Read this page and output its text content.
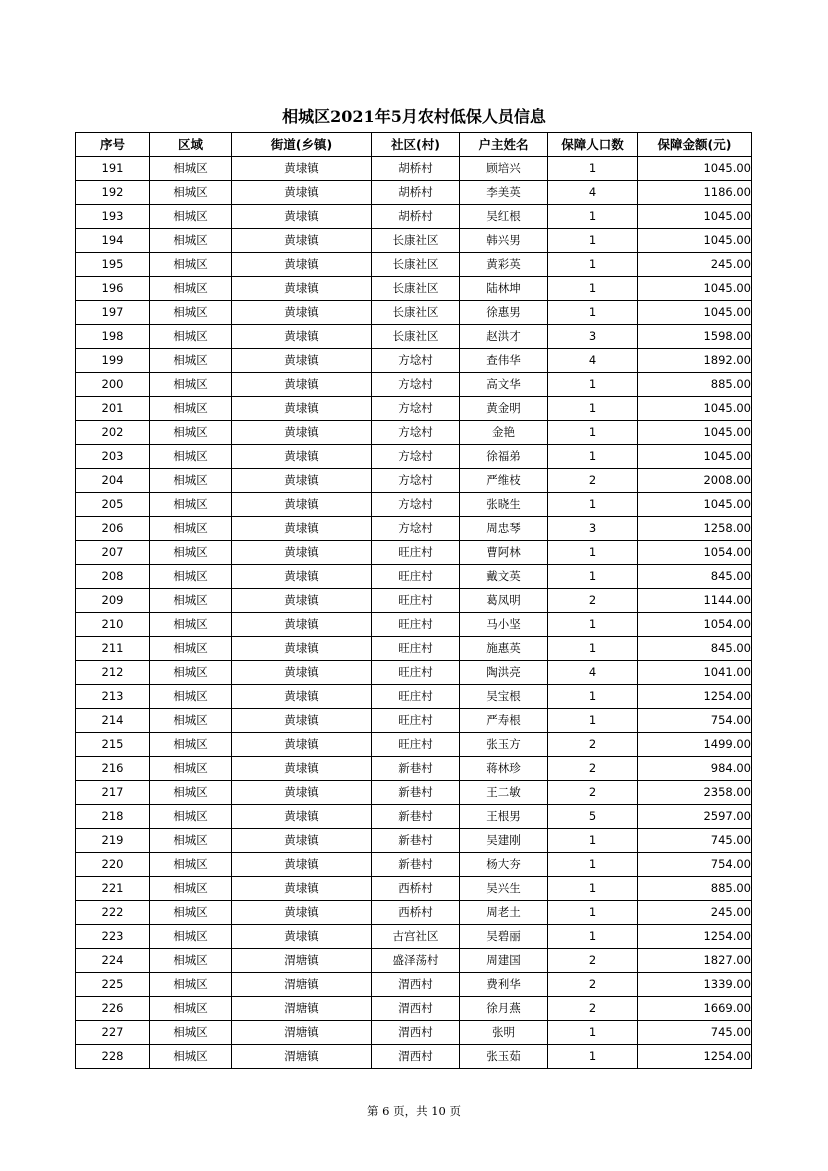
相城区2021年5月农村低保人员信息
序号	区域	街道(乡镇)	社区(村)	户主姓名	保障人口数	保障金额(元)
191	相城区	黄埭镇	胡桥村	顾培兴	1	1045.00
192	相城区	黄埭镇	胡桥村	李美英	4	1186.00
193	相城区	黄埭镇	胡桥村	吴红根	1	1045.00
194	相城区	黄埭镇	长康社区	韩兴男	1	1045.00
195	相城区	黄埭镇	长康社区	黄彩英	1	245.00
196	相城区	黄埭镇	长康社区	陆林坤	1	1045.00
197	相城区	黄埭镇	长康社区	徐惠男	1	1045.00
198	相城区	黄埭镇	长康社区	赵洪才	3	1598.00
199	相城区	黄埭镇	方埝村	查伟华	4	1892.00
200	相城区	黄埭镇	方埝村	高文华	1	885.00
201	相城区	黄埭镇	方埝村	黄金明	1	1045.00
202	相城区	黄埭镇	方埝村	金艳	1	1045.00
203	相城区	黄埭镇	方埝村	徐福弟	1	1045.00
204	相城区	黄埭镇	方埝村	严维枝	2	2008.00
205	相城区	黄埭镇	方埝村	张晓生	1	1045.00
206	相城区	黄埭镇	方埝村	周忠琴	3	1258.00
207	相城区	黄埭镇	旺庄村	曹阿林	1	1054.00
208	相城区	黄埭镇	旺庄村	戴文英	1	845.00
209	相城区	黄埭镇	旺庄村	葛凤明	2	1144.00
210	相城区	黄埭镇	旺庄村	马小坚	1	1054.00
211	相城区	黄埭镇	旺庄村	施惠英	1	845.00
212	相城区	黄埭镇	旺庄村	陶洪亮	4	1041.00
213	相城区	黄埭镇	旺庄村	吴宝根	1	1254.00
214	相城区	黄埭镇	旺庄村	严寿根	1	754.00
215	相城区	黄埭镇	旺庄村	张玉方	2	1499.00
216	相城区	黄埭镇	新巷村	蒋林珍	2	984.00
217	相城区	黄埭镇	新巷村	王二敏	2	2358.00
218	相城区	黄埭镇	新巷村	王根男	5	2597.00
219	相城区	黄埭镇	新巷村	吴建刚	1	745.00
220	相城区	黄埭镇	新巷村	杨大夯	1	754.00
221	相城区	黄埭镇	西桥村	吴兴生	1	885.00
222	相城区	黄埭镇	西桥村	周老土	1	245.00
223	相城区	黄埭镇	古宫社区	吴碧丽	1	1254.00
224	相城区	渭塘镇	盛泽荡村	周建国	2	1827.00
225	相城区	渭塘镇	渭西村	费利华	2	1339.00
226	相城区	渭塘镇	渭西村	徐月燕	2	1669.00
227	相城区	渭塘镇	渭西村	张明	1	745.00
228	相城区	渭塘镇	渭西村	张玉茹	1	1254.00
第 6 页，共 10 页
